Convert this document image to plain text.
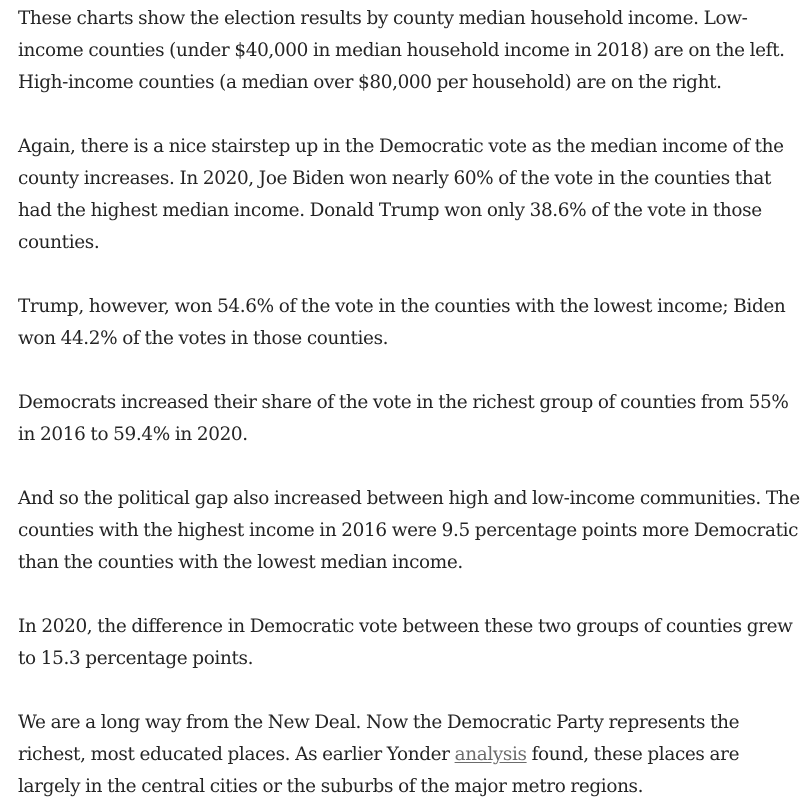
These charts show the election results by county median household income. Low-income counties (under $40,000 in median household income in 2018) are on the left. High-income counties (a median over $80,000 per household) are on the right.

Again, there is a nice stairstep up in the Democratic vote as the median income of the county increases. In 2020, Joe Biden won nearly 60% of the vote in the counties that had the highest median income. Donald Trump won only 38.6% of the vote in those counties.

Trump, however, won 54.6% of the vote in the counties with the lowest income; Biden won 44.2% of the votes in those counties.

Democrats increased their share of the vote in the richest group of counties from 55% in 2016 to 59.4% in 2020.

And so the political gap also increased between high and low-income communities. The counties with the highest income in 2016 were 9.5 percentage points more Democratic than the counties with the lowest median income.

In 2020, the difference in Democratic vote between these two groups of counties grew to 15.3 percentage points.

We are a long way from the New Deal. Now the Democratic Party represents the richest, most educated places. As earlier Yonder analysis found, these places are largely in the central cities or the suburbs of the major metro regions.
